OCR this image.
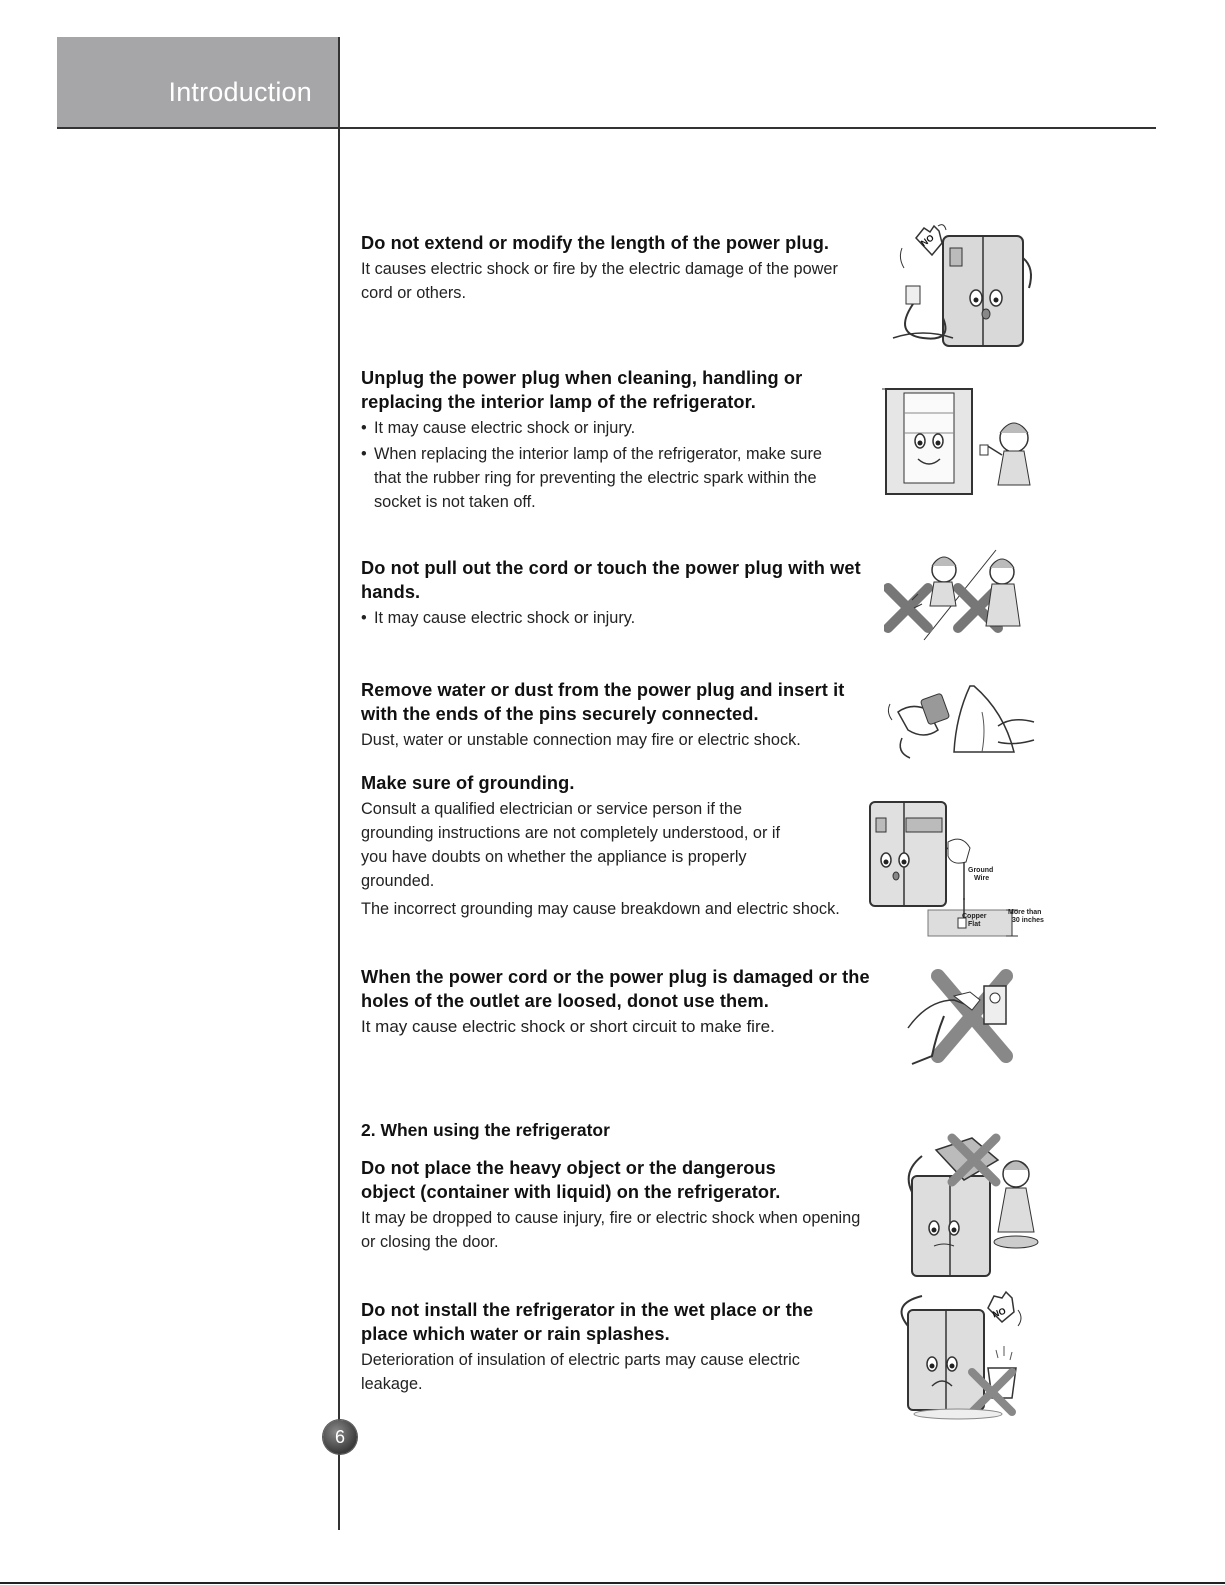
Introduction
Do not extend or modify the length of the power plug.
It causes electric shock or fire by the electric damage of the power cord or others.
Unplug the power plug when cleaning, handling or replacing the interior lamp of the refrigerator.
• It may cause electric shock or injury.
• When replacing the interior lamp of the refrigerator, make sure that the rubber ring for preventing the electric spark within the socket is not taken off.
Do not pull out the cord or touch the power plug with wet hands.
• It may cause electric shock or injury.
Remove water or dust from the power plug and insert it with the ends of the pins securely connected.
Dust, water or unstable connection may fire or electric shock.
Make sure of grounding.
Consult a qualified electrician or service person if the grounding instructions are not completely understood, or if you have doubts on whether the appliance is properly grounded.
The incorrect grounding may cause breakdown and electric shock.
When the power cord or the power plug is damaged or the holes of the outlet are loosed, donot use them.
It may cause electric shock or short circuit to make fire.
2. When using the refrigerator
Do not place the heavy object or the dangerous object (container with liquid) on the refrigerator.
It may be dropped to cause injury, fire or electric shock when opening or closing the door.
Do not install the refrigerator in the wet place or the place which water or rain splashes.
Deterioration of insulation of electric parts may cause electric leakage.
6
NO
Ground
Wire
Copper
Flat
More than
30 inches
NO
